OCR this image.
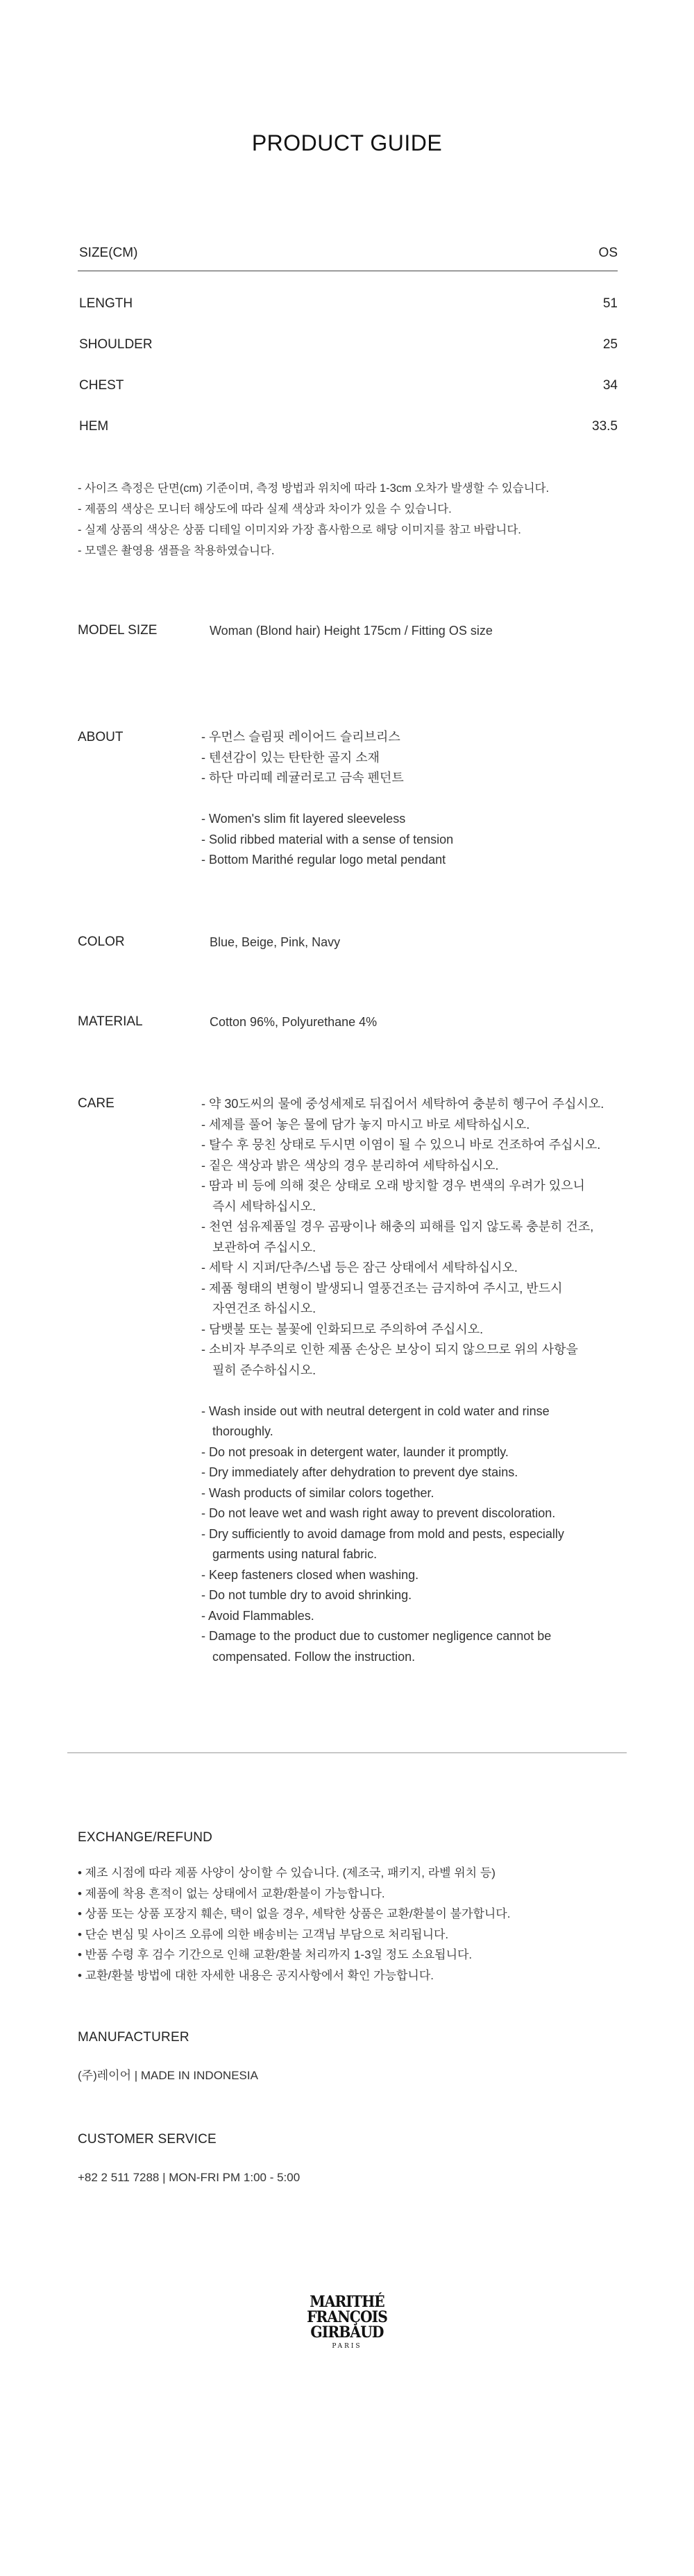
PRODUCT GUIDE
SIZE(CM)	OS
LENGTH	51
SHOULDER	25
CHEST	34
HEM	33.5
- 사이즈 측정은 단면(cm) 기준이며, 측정 방법과 위치에 따라 1-3cm 오차가 발생할 수 있습니다.
- 제품의 색상은 모니터 해상도에 따라 실제 색상과 차이가 있을 수 있습니다.
- 실제 상품의 색상은 상품 디테일 이미지와 가장 흡사함으로 해당 이미지를 참고 바랍니다.
- 모델은 촬영용 샘플을 착용하였습니다.
MODEL SIZE	Woman (Blond hair) Height 175cm / Fitting OS size
ABOUT	- 우먼스 슬림핏 레이어드 슬리브리스
- 텐션감이 있는 탄탄한 골지 소재
- 하단 마리떼 레귤러로고 금속 펜던트
- Women's slim fit layered sleeveless
- Solid ribbed material with a sense of tension
- Bottom Marithé regular logo metal pendant
COLOR	Blue, Beige, Pink, Navy
MATERIAL	Cotton 96%, Polyurethane 4%
CARE	- 약 30도씨의 물에 중성세제로 뒤집어서 세탁하여 충분히 헹구어 주십시오.
- 세제를 풀어 놓은 물에 담가 놓지 마시고 바로 세탁하십시오.
- 탈수 후 뭉친 상태로 두시면 이염이 될 수 있으니 바로 건조하여 주십시오.
- 짙은 색상과 밝은 색상의 경우 분리하여 세탁하십시오.
- 땀과 비 등에 의해 젖은 상태로 오래 방치할 경우 변색의 우려가 있으니
즉시 세탁하십시오.
- 천연 섬유제품일 경우 곰팡이나 해충의 피해를 입지 않도록 충분히 건조,
보관하여 주십시오.
- 세탁 시 지퍼/단추/스냅 등은 잠근 상태에서 세탁하십시오.
- 제품 형태의 변형이 발생되니 열풍건조는 금지하여 주시고, 반드시
자연건조 하십시오.
- 담뱃불 또는 불꽃에 인화되므로 주의하여 주십시오.
- 소비자 부주의로 인한 제품 손상은 보상이 되지 않으므로 위의 사항을
필히 준수하십시오.
- Wash inside out with neutral detergent in cold water and rinse
thoroughly.
- Do not presoak in detergent water, launder it promptly.
- Dry immediately after dehydration to prevent dye stains.
- Wash products of similar colors together.
- Do not leave wet and wash right away to prevent discoloration.
- Dry sufficiently to avoid damage from mold and pests, especially
garments using natural fabric.
- Keep fasteners closed when washing.
- Do not tumble dry to avoid shrinking.
- Avoid Flammables.
- Damage to the product due to customer negligence cannot be
compensated. Follow the instruction.
EXCHANGE/REFUND
• 제조 시점에 따라 제품 사양이 상이할 수 있습니다. (제조국, 패키지, 라벨 위치 등)
• 제품에 착용 흔적이 없는 상태에서 교환/환불이 가능합니다.
• 상품 또는 상품 포장지 훼손, 택이 없을 경우, 세탁한 상품은 교환/환불이 불가합니다.
• 단순 변심 및 사이즈 오류에 의한 배송비는 고객님 부담으로 처리됩니다.
• 반품 수령 후 검수 기간으로 인해 교환/환불 처리까지 1-3일 정도 소요됩니다.
• 교환/환불 방법에 대한 자세한 내용은 공지사항에서 확인 가능합니다.
MANUFACTURER
(주)레이어 | MADE IN INDONESIA
CUSTOMER SERVICE
+82 2 511 7288 | MON-FRI PM 1:00 - 5:00
MARITHÉ
FRANÇOIS
GIRBAUD
PARIS
